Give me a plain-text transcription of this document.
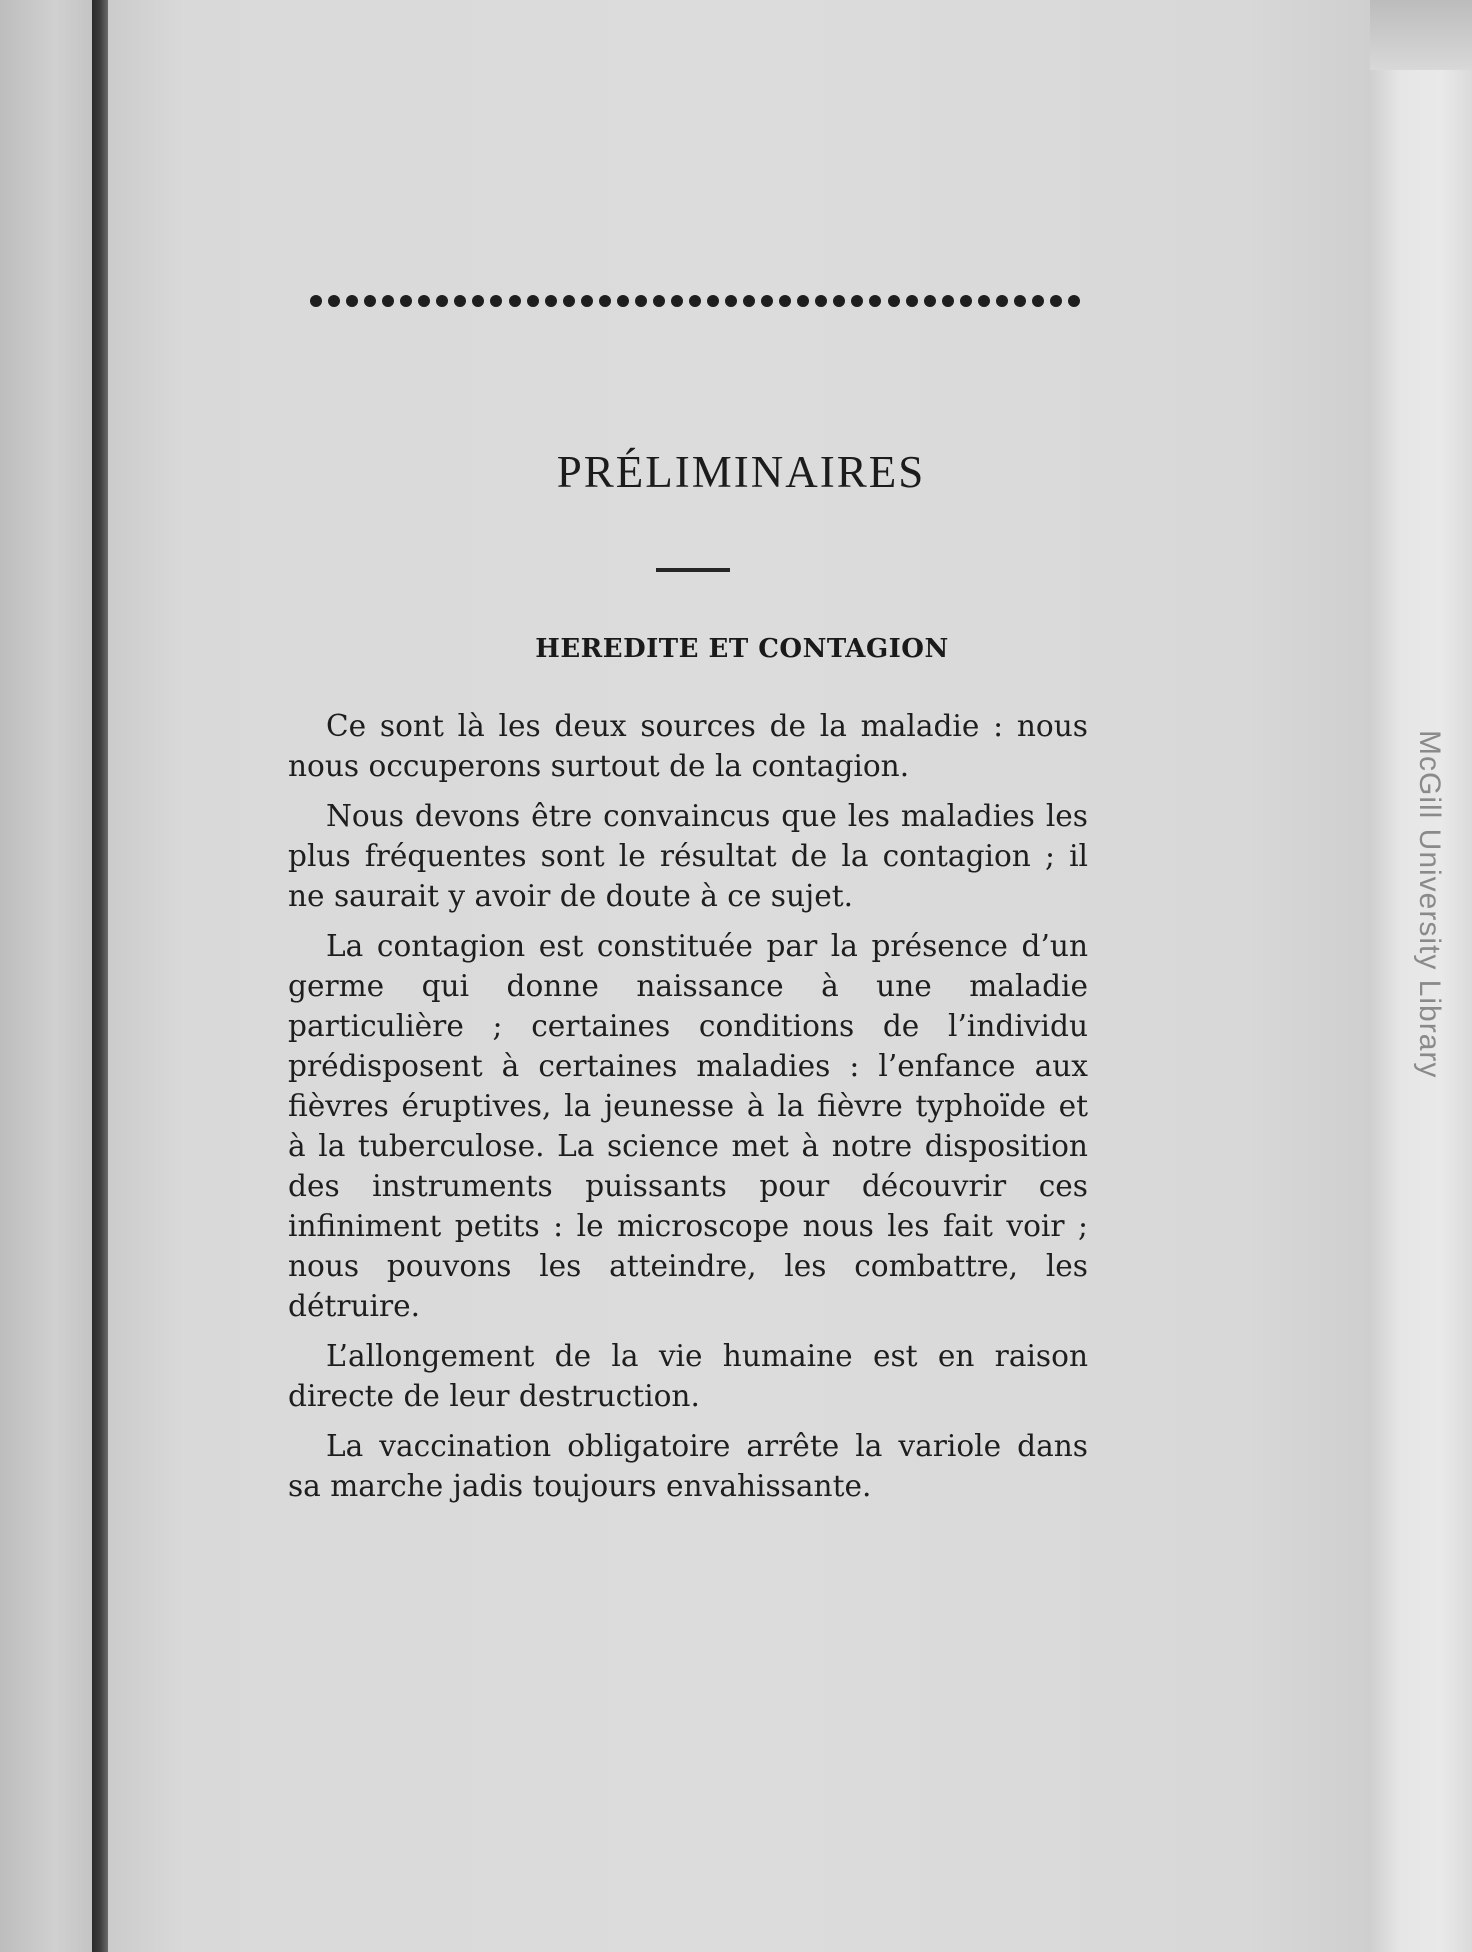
McGill University Library
PRÉLIMINAIRES
HEREDITE ET CONTAGION

Ce sont là les deux sources de la maladie : nous nous occuperons surtout de la contagion.

Nous devons être convaincus que les maladies les plus fréquentes sont le résultat de la contagion ; il ne saurait y avoir de doute à ce sujet.

La contagion est constituée par la présence d’un germe qui donne naissance à une maladie particulière ; certaines conditions de l’individu prédisposent à certaines maladies : l’enfance aux fièvres éruptives, la jeunesse à la fièvre typhoïde et à la tuberculose. La science met à notre disposition des instruments puissants pour découvrir ces infiniment petits : le microscope nous les fait voir ; nous pouvons les atteindre, les combattre, les détruire.

L’allongement de la vie humaine est en raison directe de leur destruction.

La vaccination obligatoire arrête la variole dans sa marche jadis toujours envahissante.
